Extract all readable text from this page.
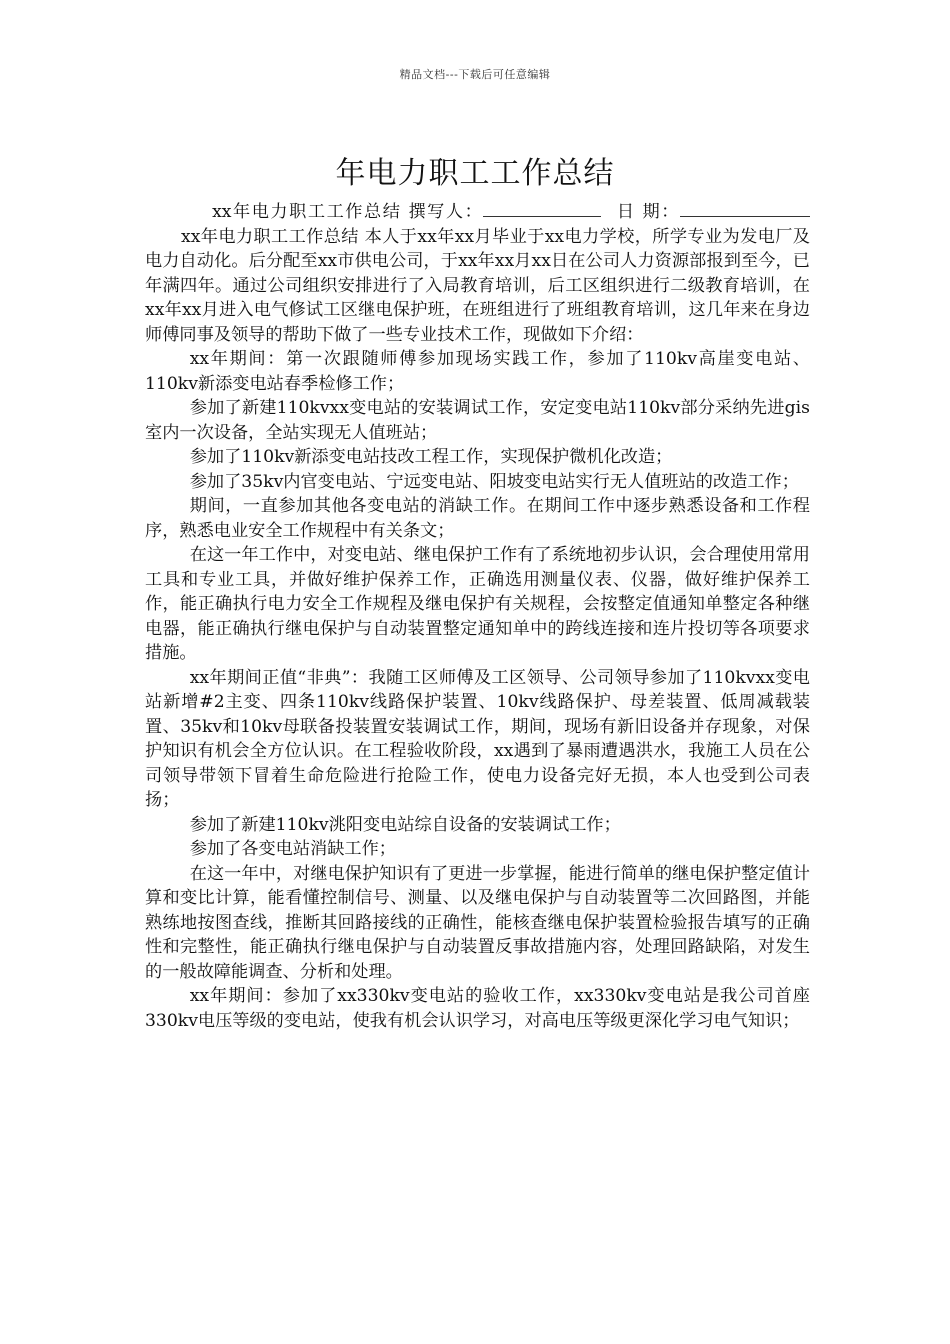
精品文档---下载后可任意编辑
年电力职工工作总结

xx年电力职工工作总结 撰写人：	日 期：xx年电力职工工作总结 本人于xx年xx月毕业于xx电力学校，所学专业为发电厂及电力自动化。后分配至xx市供电公司，于xx年xx月xx日在公司人力资源部报到至今，已年满四年。通过公司组织安排进行了入局教育培训，后工区组织进行二级教育培训，在xx年xx月进入电气修试工区继电保护班，在班组进行了班组教育培训，这几年来在身边师傅同事及领导的帮助下做了一些专业技术工作，现做如下介绍：

xx年期间：第一次跟随师傅参加现场实践工作，参加了110kv高崖变电站、110kv新添变电站春季检修工作；

参加了新建110kvxx变电站的安装调试工作，安定变电站110kv部分采纳先进gis室内一次设备，全站实现无人值班站；

参加了110kv新添变电站技改工程工作，实现保护微机化改造；

参加了35kv内官变电站、宁远变电站、阳坡变电站实行无人值班站的改造工作；

期间，一直参加其他各变电站的消缺工作。在期间工作中逐步熟悉设备和工作程序，熟悉电业安全工作规程中有关条文；

在这一年工作中，对变电站、继电保护工作有了系统地初步认识，会合理使用常用工具和专业工具，并做好维护保养工作，正确选用测量仪表、仪器，做好维护保养工作，能正确执行电力安全工作规程及继电保护有关规程，会按整定值通知单整定各种继电器，能正确执行继电保护与自动装置整定通知单中的跨线连接和连片投切等各项要求措施。

xx年期间正值“非典”：我随工区师傅及工区领导、公司领导参加了110kvxx变电站新增#2主变、四条110kv线路保护装置、10kv线路保护、母差装置、低周减载装置、35kv和10kv母联备投装置安装调试工作，期间，现场有新旧设备并存现象，对保护知识有机会全方位认识。在工程验收阶段，xx遇到了暴雨遭遇洪水，我施工人员在公司领导带领下冒着生命危险进行抢险工作，使电力设备完好无损，本人也受到公司表扬；

参加了新建110kv洮阳变电站综自设备的安装调试工作；

参加了各变电站消缺工作；

在这一年中，对继电保护知识有了更进一步掌握，能进行简单的继电保护整定值计算和变比计算，能看懂控制信号、测量、以及继电保护与自动装置等二次回路图，并能熟练地按图查线，推断其回路接线的正确性，能核查继电保护装置检验报告填写的正确性和完整性，能正确执行继电保护与自动装置反事故措施内容，处理回路缺陷，对发生的一般故障能调查、分析和处理。

xx年期间：参加了xx330kv变电站的验收工作，xx330kv变电站是我公司首座330kv电压等级的变电站，使我有机会认识学习，对高电压等级更深化学习电气知识；
